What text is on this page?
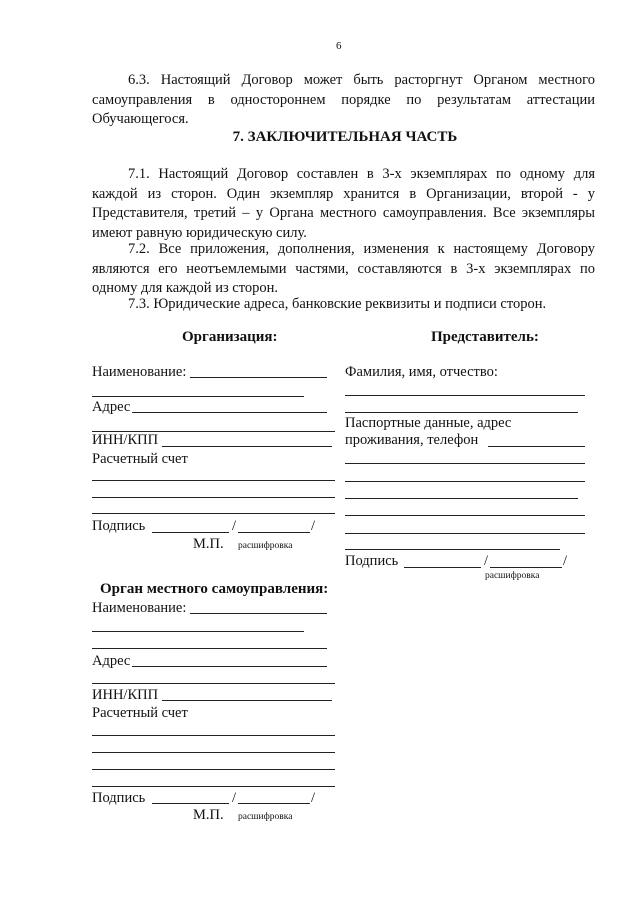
6
6.3. Настоящий Договор может быть расторгнут Органом местного самоуправления в одностороннем порядке по результатам аттестации Обучающегося.
7. ЗАКЛЮЧИТЕЛЬНАЯ ЧАСТЬ
7.1. Настоящий Договор составлен в 3-х экземплярах по одному для каждой из сторон. Один экземпляр хранится в Организации, второй - у Представителя, третий – у Органа местного самоуправления. Все экземпляры имеют равную юридическую силу.
7.2. Все приложения, дополнения, изменения к настоящему Договору являются его неотъемлемыми частями, составляются в 3-х экземплярах по одному для каждой из сторон.
7.3. Юридические адреса, банковские реквизиты и подписи сторон.
Организация:
Наименование:
Адрес
ИНН/КПП
Расчетный счет
Подпись	/	/
М.П. расшифровка
Представитель:
Фамилия, имя, отчество:
Паспортные данные, адрес
проживания, телефон
Подпись	/	/
расшифровка
Орган местного самоуправления:
Наименование:
Адрес
ИНН/КПП
Расчетный счет
Подпись	/	/
М.П. расшифровка
